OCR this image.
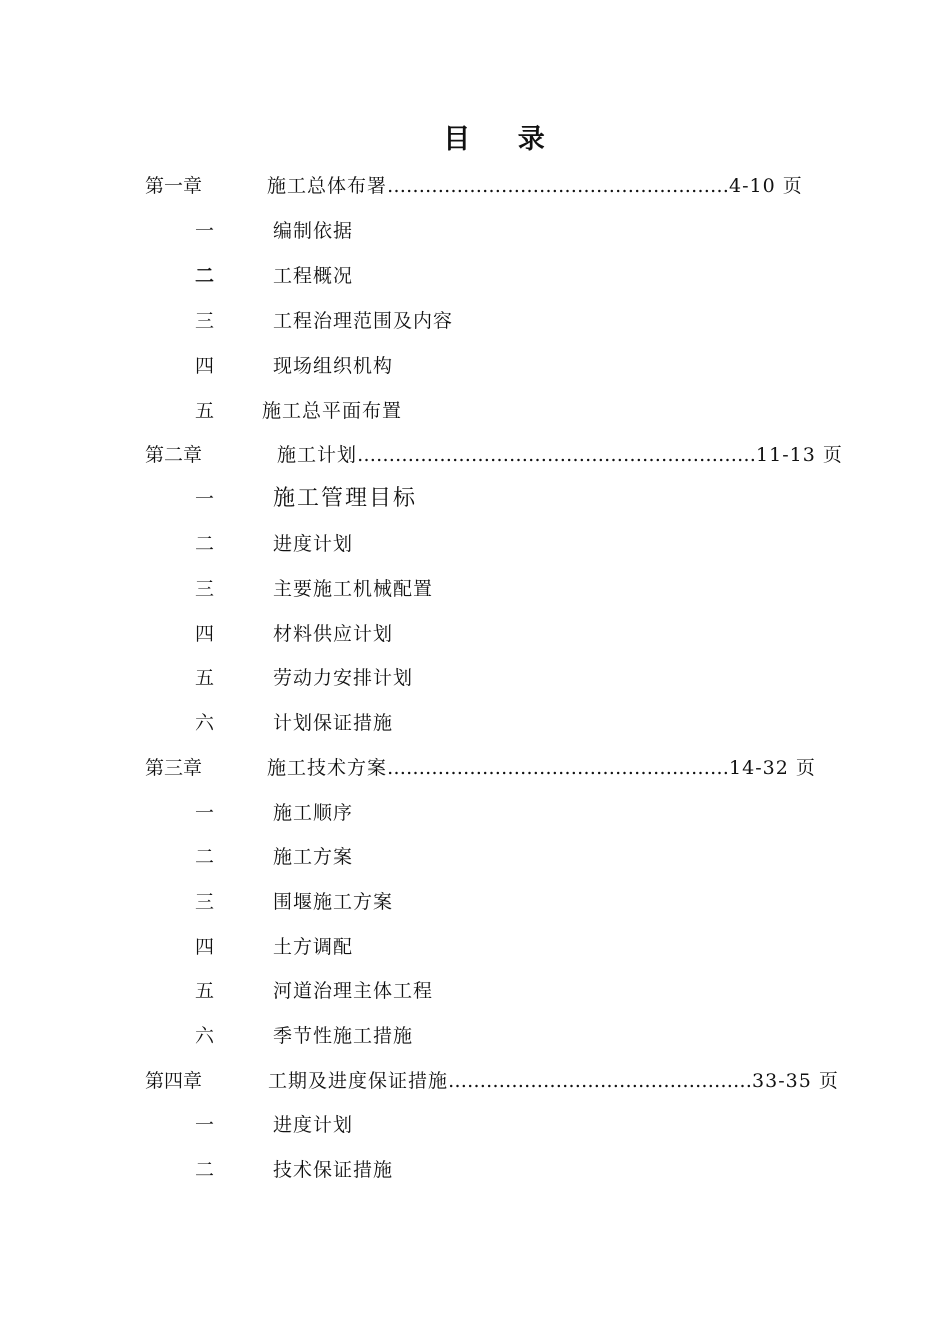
目    录
第一章	施工总体布署………………………………………………4-10 页
一	编制依据
二	工程概况
三	工程治理范围及内容
四	现场组织机构
五	施工总平面布置
第二章	施工计划………………………………………………………11-13 页
一	施工管理目标
二	进度计划
三	主要施工机械配置
四	材料供应计划
五	劳动力安排计划
六	计划保证措施
第三章	施工技术方案………………………………………………14-32 页
一	施工顺序
二	施工方案
三	围堰施工方案
四	土方调配
五	河道治理主体工程
六	季节性施工措施
第四章	工期及进度保证措施…………………………………………33-35 页
一	进度计划
二	技术保证措施
